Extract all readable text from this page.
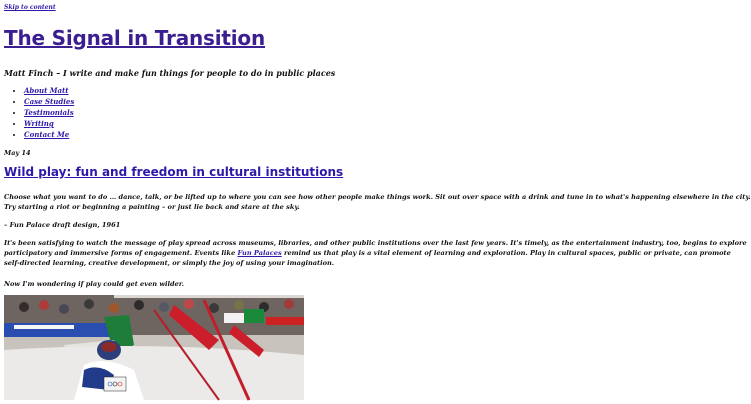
Skip to content
The Signal in Transition
Matt Finch – I write and make fun things for people to do in public places
• About Matt
• Case Studies
• Testimonials
• Writing
• Contact Me
May 14
Wild play: fun and freedom in cultural institutions
Choose what you want to do … dance, talk, or be lifted up to where you can see how other people make things work. Sit out over space with a drink and tune in to what's happening elsewhere in the city.
Try starting a riot or beginning a painting – or just lie back and stare at the sky.
– Fun Palace draft design, 1961
It's been satisfying to watch the message of play spread across museums, libraries, and other public institutions over the last few years. It's timely, as the entertainment industry, too, begins to explore
participatory and immersive forms of engagement. Events like Fun Palaces remind us that play is a vital element of learning and exploration. Play in cultural spaces, public or private, can promote
self-directed learning, creative development, or simply the joy of using your imagination.
Now I'm wondering if play could get even wilder.
